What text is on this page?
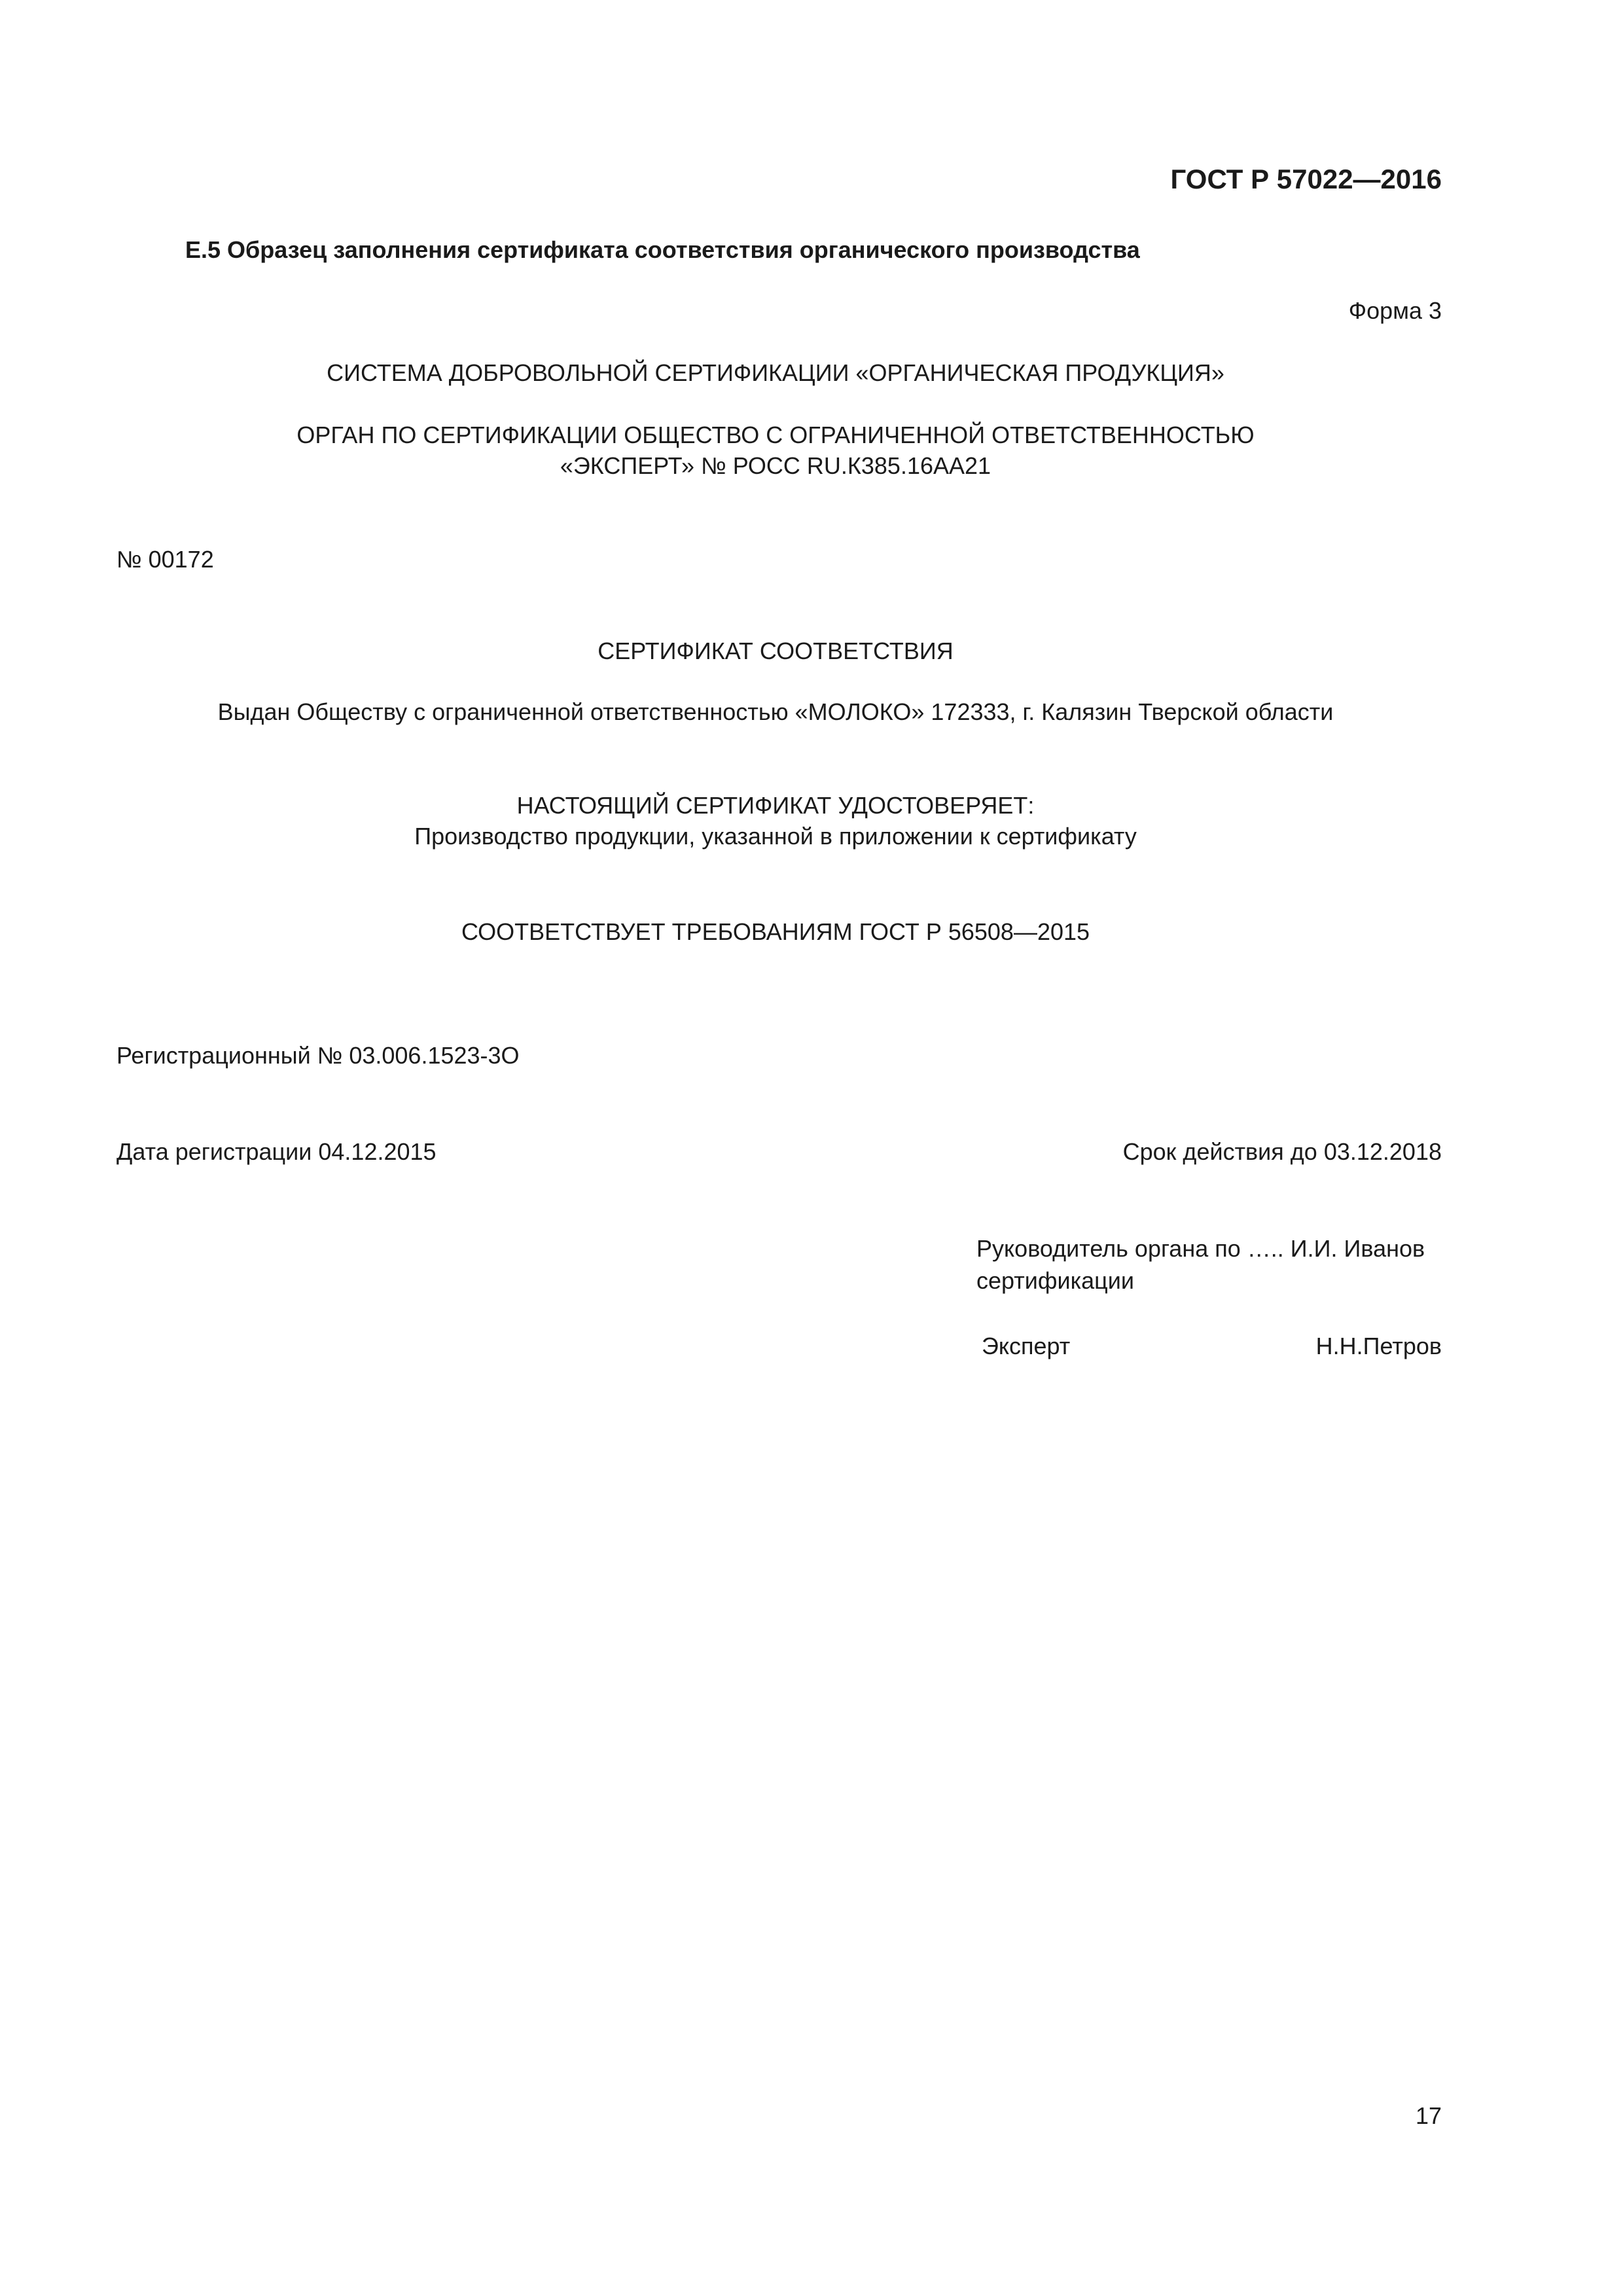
ГОСТ Р 57022—2016
Е.5 Образец заполнения сертификата соответствия органического производства
Форма 3
СИСТЕМА ДОБРОВОЛЬНОЙ СЕРТИФИКАЦИИ «ОРГАНИЧЕСКАЯ ПРОДУКЦИЯ»
ОРГАН ПО СЕРТИФИКАЦИИ ОБЩЕСТВО С ОГРАНИЧЕННОЙ ОТВЕТСТВЕННОСТЬЮ
«ЭКСПЕРТ» № РОСС RU.К385.16АА21
№ 00172
СЕРТИФИКАТ СООТВЕТСТВИЯ
Выдан Обществу с ограниченной ответственностью «МОЛОКО» 172333, г. Калязин Тверской области
НАСТОЯЩИЙ СЕРТИФИКАТ УДОСТОВЕРЯЕТ:
Производство продукции, указанной в приложении к сертификату
СООТВЕТСТВУЕТ ТРЕБОВАНИЯМ ГОСТ Р 56508—2015
Регистрационный № 03.006.1523-3О
Дата регистрации 04.12.2015	Срок действия до 03.12.2018
Руководитель органа по ….. И.И. Иванов
сертификации
Эксперт	Н.Н.Петров
17
